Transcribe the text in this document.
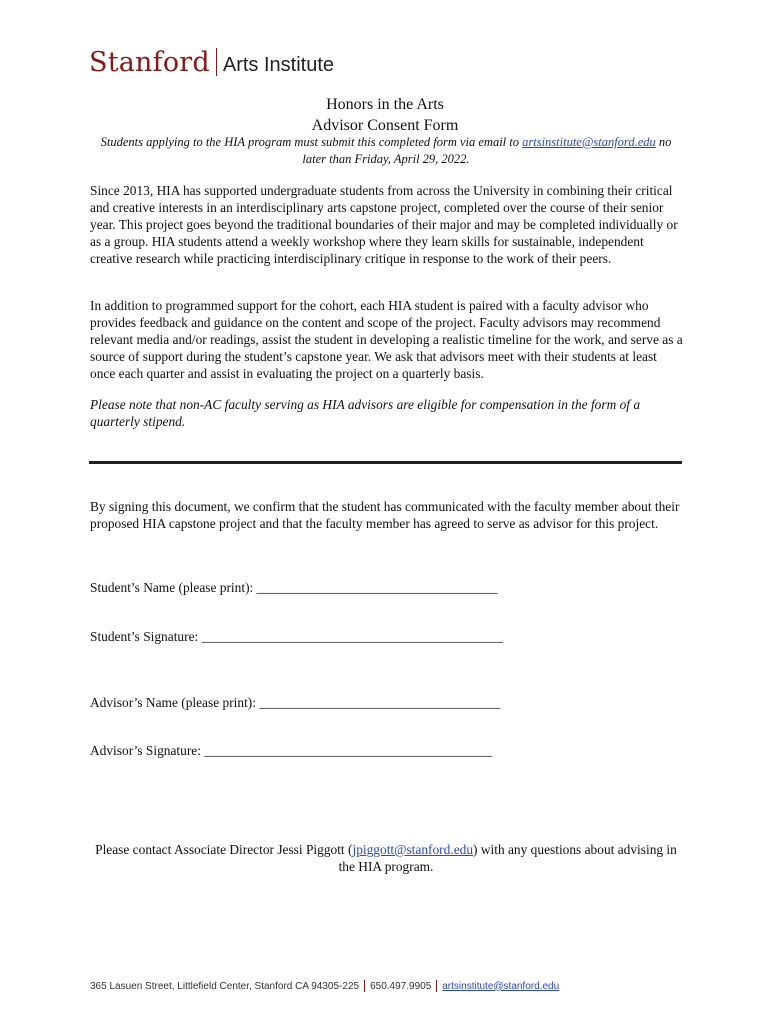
Stanford Arts Institute
Honors in the Arts
Advisor Consent Form
Students applying to the HIA program must submit this completed form via email to artsinstitute@stanford.edu no later than Friday, April 29, 2022.

Since 2013, HIA has supported undergraduate students from across the University in combining their critical and creative interests in an interdisciplinary arts capstone project, completed over the course of their senior year. This project goes beyond the traditional boundaries of their major and may be completed individually or as a group. HIA students attend a weekly workshop where they learn skills for sustainable, independent creative research while practicing interdisciplinary critique in response to the work of their peers.

In addition to programmed support for the cohort, each HIA student is paired with a faculty advisor who provides feedback and guidance on the content and scope of the project. Faculty advisors may recommend relevant media and/or readings, assist the student in developing a realistic timeline for the work, and serve as a source of support during the student’s capstone year. We ask that advisors meet with their students at least once each quarter and assist in evaluating the project on a quarterly basis.

Please note that non-AC faculty serving as HIA advisors are eligible for compensation in the form of a quarterly stipend.

By signing this document, we confirm that the student has communicated with the faculty member about their proposed HIA capstone project and that the faculty member has agreed to serve as advisor for this project.

Student’s Name (please print): ____________________________________
Student’s Signature: _____________________________________________
Advisor’s Name (please print): ____________________________________
Advisor’s Signature: ___________________________________________
Please contact Associate Director Jessi Piggott (jpiggott@stanford.edu) with any questions about advising in the HIA program.
365 Lasuen Street, Littlefield Center, Stanford CA 94305-225 650.497.9905 artsinstitute@stanford.edu
